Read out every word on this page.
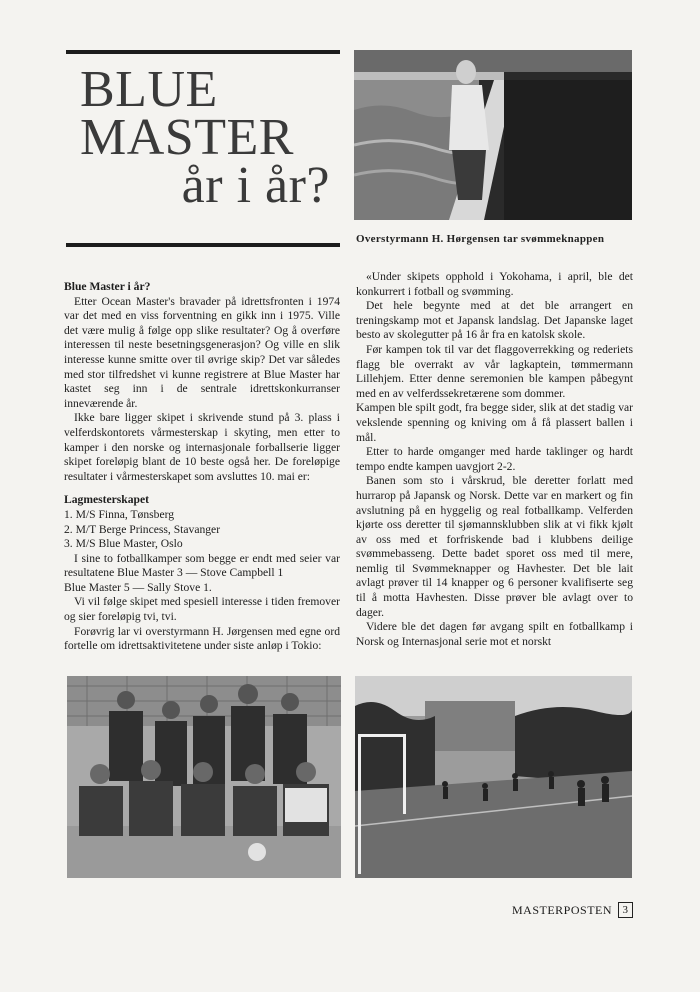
BLUE
MASTER
år i år?
Overstyrmann H. Hørgensen tar svømmeknappen

Blue Master i år?

Etter Ocean Master's bravader på idrettsfronten i 1974 var det med en viss forventning en gikk inn i 1975. Ville det være mulig å følge opp slike resultater? Og å overføre interessen til neste besetningsgenerasjon? Og ville en slik interesse kunne smitte over til øvrige skip? Det var således med stor tilfredshet vi kunne registrere at Blue Master har kastet seg inn i de sentrale idrettskonkurranser inneværende år.

Ikke bare ligger skipet i skrivende stund på 3. plass i velferdskontorets vårmesterskap i skyting, men etter to kamper i den norske og internasjonale forballserie ligger skipet foreløpig blant de 10 beste også her. De foreløpige resultater i vårmesterskapet som avsluttes 10. mai er:

Lagmesterskapet

1. M/S Finna, Tønsberg

2. M/T Berge Princess, Stavanger

3. M/S Blue Master, Oslo

I sine to fotballkamper som begge er endt med seier var resultatene Blue Master 3 — Stove Campbell 1

Blue Master 5 — Sally Stove 1.

Vi vil følge skipet med spesiell interesse i tiden fremover og sier foreløpig tvi, tvi.

Forøvrig lar vi overstyrmann H. Jørgensen med egne ord fortelle om idrettsaktivitetene under siste anløp i Tokio:

«Under skipets opphold i Yokohama, i april, ble det konkurrert i fotball og svømming.

Det hele begynte med at det ble arrangert en treningskamp mot et Japansk landslag. Det Japanske laget besto av skolegutter på 16 år fra en katolsk skole.

Før kampen tok til var det flaggoverrekking og rederiets flagg ble overrakt av vår lagkaptein, tømmermann Lillehjem. Etter denne seremonien ble kampen påbegynt med en av velferdssekretærene som dommer.

Kampen ble spilt godt, fra begge sider, slik at det stadig var vekslende spenning og kniving om å få plassert ballen i mål.

Etter to harde omganger med harde taklinger og hardt tempo endte kampen uavgjort 2-2.

Banen som sto i vårskrud, ble deretter forlatt med hurrarop på Japansk og Norsk. Dette var en markert og fin avslutning på en hyggelig og real fotballkamp. Velferden kjørte oss deretter til sjømannsklubben slik at vi fikk kjølt av oss med et forfriskende bad i klubbens deilige svømmebasseng. Dette badet sporet oss med til mere, nemlig til Svømmeknapper og Havhester. Det ble lait avlagt prøver til 14 knapper og 6 personer kvalifiserte seg til å motta Havhesten. Disse prøver ble avlagt over to dager.

Videre ble det dagen før avgang spilt en fotballkamp i Norsk og Internasjonal serie mot et norskt

MASTERPOSTEN 3
